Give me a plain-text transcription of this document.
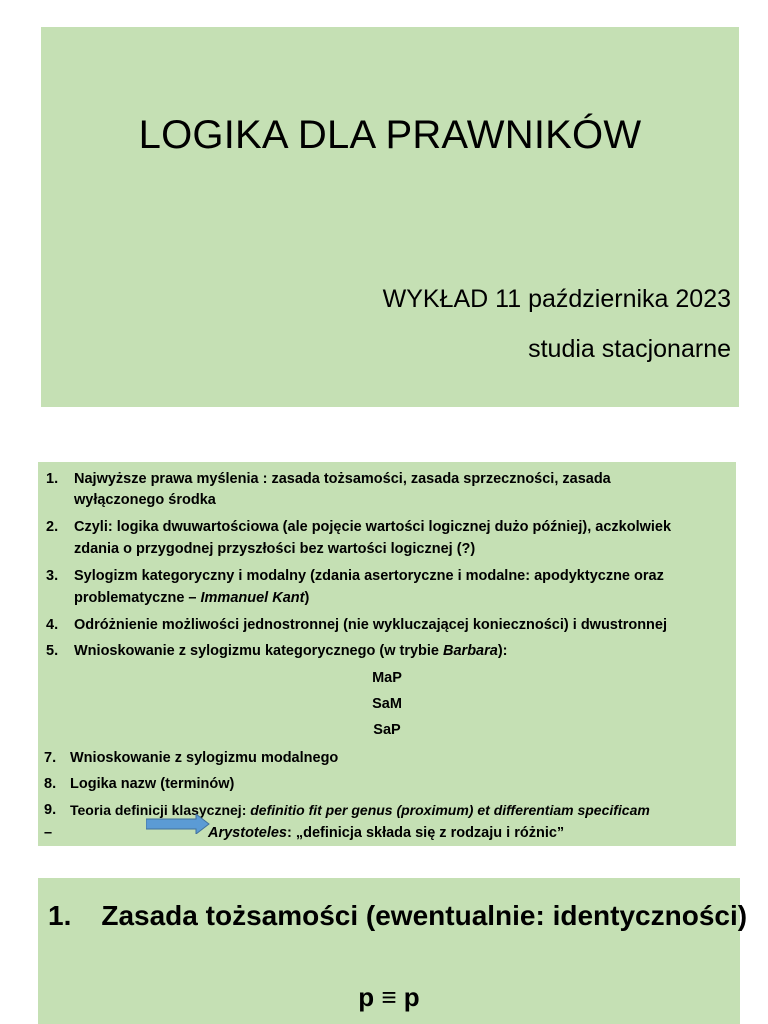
LOGIKA DLA PRAWNIKÓW
WYKŁAD 11 października 2023
studia stacjonarne
1. Najwyższe prawa myślenia : zasada tożsamości, zasada sprzeczności, zasada
wyłączonego środka
2. Czyli: logika dwuwartościowa (ale pojęcie wartości logicznej dużo później), aczkolwiek
zdania o przygodnej przyszłości bez wartości logicznej (?)
3. Sylogizm kategoryczny i modalny (zdania asertoryczne i modalne: apodyktyczne oraz
problematyczne – Immanuel Kant)
4. Odróżnienie możliwości jednostronnej (nie wykluczającej konieczności) i dwustronnej
5. Wnioskowanie z sylogizmu kategorycznego (w trybie Barbara):
MaP
SaM
SaP
7. Wnioskowanie z sylogizmu modalnego
8. Logika nazw (terminów)
9. Teoria definicji klasycznej: definitio fit per genus (proximum) et differentiam specificam
–	Arystoteles: „definicja składa się z rodzaju i różnic”
1. Zasada tożsamości (ewentualnie: identyczności)
p ≡ p
